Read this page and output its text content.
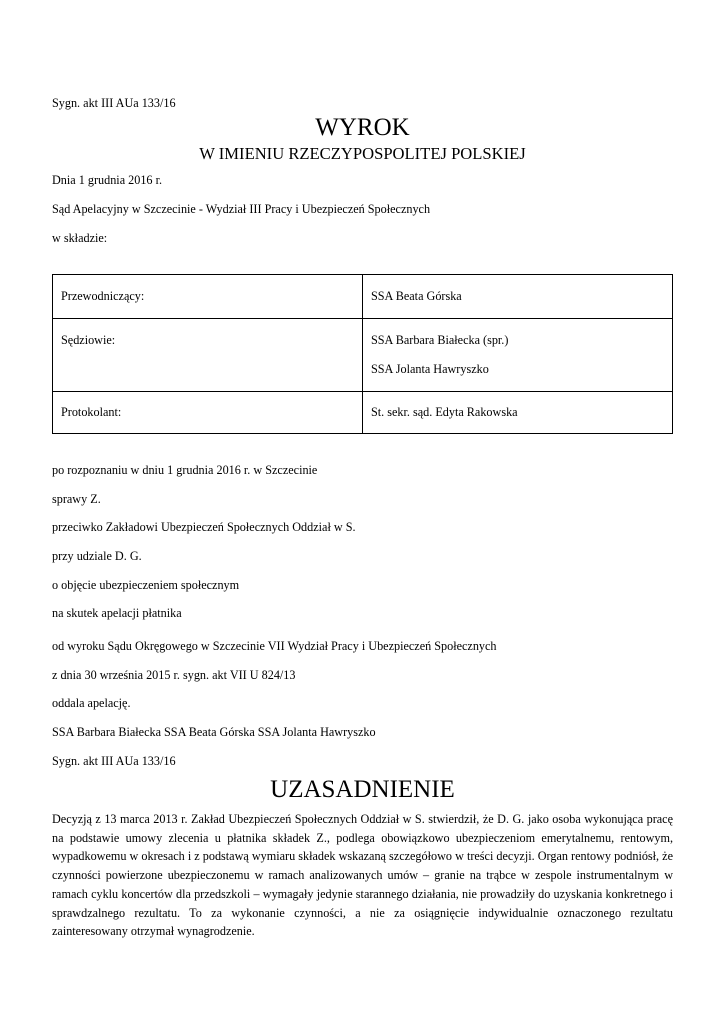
Sygn. akt III AUa 133/16
WYROK
W IMIENIU RZECZYPOSPOLITEJ POLSKIEJ
Dnia 1 grudnia 2016 r.
Sąd Apelacyjny w Szczecinie - Wydział III Pracy i Ubezpieczeń Społecznych
w składzie:
Przewodniczący:	SSA Beata Górska

Sędziowie:	SSA Barbara Białecka (spr.)
SSA Jolanta Hawryszko

Protokolant:	St. sekr. sąd. Edyta Rakowska
po rozpoznaniu w dniu 1 grudnia 2016 r. w Szczecinie
sprawy Z.
przeciwko Zakładowi Ubezpieczeń Społecznych Oddział w S.
przy udziale D. G.
o objęcie ubezpieczeniem społecznym
na skutek apelacji płatnika
od wyroku Sądu Okręgowego w Szczecinie VII Wydział Pracy i Ubezpieczeń Społecznych
z dnia 30 września 2015 r. sygn. akt VII U 824/13
oddala apelację.
SSA Barbara Białecka SSA Beata Górska SSA Jolanta Hawryszko
Sygn. akt III AUa 133/16
UZASADNIENIE
Decyzją z 13 marca 2013 r. Zakład Ubezpieczeń Społecznych Oddział w S. stwierdził, że D. G. jako osoba wykonująca pracę na podstawie umowy zlecenia u płatnika składek Z., podlega obowiązkowo ubezpieczeniom emerytalnemu, rentowym, wypadkowemu w okresach i z podstawą wymiaru składek wskazaną szczegółowo w treści decyzji. Organ rentowy podniósł, że czynności powierzone ubezpieczonemu w ramach analizowanych umów – granie na trąbce w zespole instrumentalnym w ramach cyklu koncertów dla przedszkoli – wymagały jedynie starannego działania, nie prowadziły do uzyskania konkretnego i sprawdzalnego rezultatu. To za wykonanie czynności, a nie za osiągnięcie indywidualnie oznaczonego rezultatu zainteresowany otrzymał wynagrodzenie.
